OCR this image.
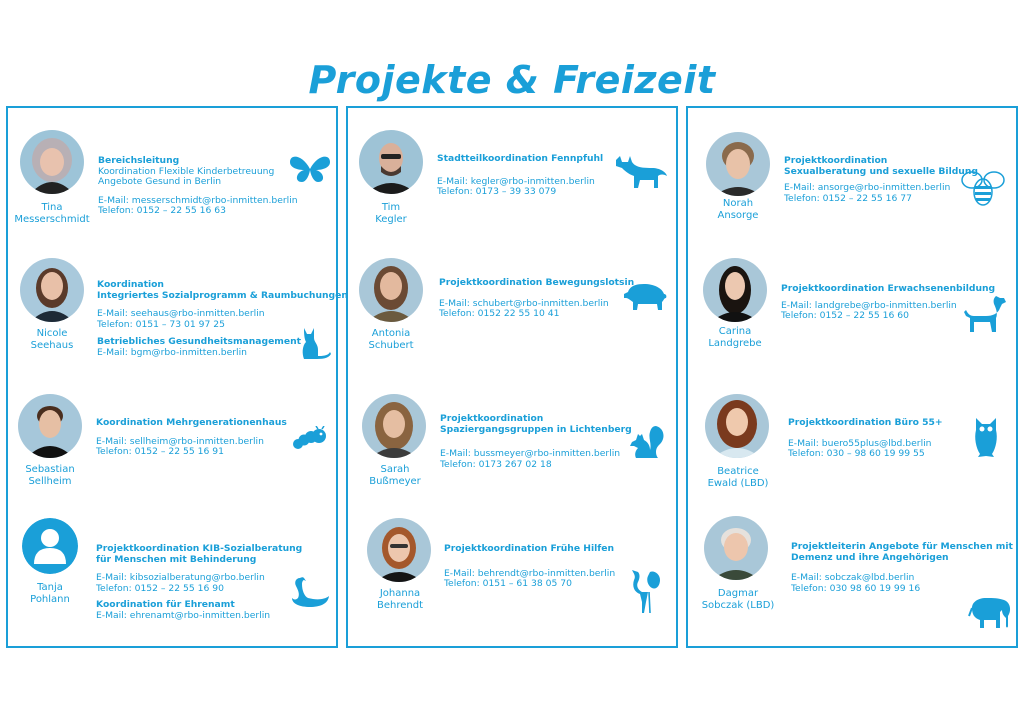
Projekte & Freizeit
Tina
Messerschmidt
Bereichsleitung
Koordination Flexible Kinderbetreuung
Angebote Gesund in Berlin
E-Mail: messerschmidt@rbo-inmitten.berlin
Telefon: 0152 – 22 55 16 63
Nicole
Seehaus
Koordination
Integriertes Sozialprogramm & Raumbuchungen
E-Mail: seehaus@rbo-inmitten.berlin
Telefon: 0151 – 73 01 97 25
Betriebliches Gesundheitsmanagement
E-Mail: bgm@rbo-inmitten.berlin
Sebastian
Sellheim
Koordination Mehrgenerationenhaus
E-Mail: sellheim@rbo-inmitten.berlin
Telefon: 0152 – 22 55 16 91
Tanja
Pohlann
Projektkoordination KIB-Sozialberatung
für Menschen mit Behinderung
E-Mail: kibsozialberatung@rbo.berlin
Telefon: 0152 – 22 55 16 90
Koordination für Ehrenamt
E-Mail: ehrenamt@rbo-inmitten.berlin
Tim
Kegler
Stadtteilkoordination Fennpfuhl
E-Mail: kegler@rbo-inmitten.berlin
Telefon: 0173 – 39 33 079
Antonia
Schubert
Projektkoordination Bewegungslotsin
E-Mail: schubert@rbo-inmitten.berlin
Telefon: 0152 22 55 10 41
Sarah
Bußmeyer
Projektkoordination
Spaziergangsgruppen in Lichtenberg
E-Mail: bussmeyer@rbo-inmitten.berlin
Telefon: 0173 267 02 18
Johanna
Behrendt
Projektkoordination Frühe Hilfen
E-Mail: behrendt@rbo-inmitten.berlin
Telefon: 0151 – 61 38 05 70
Norah
Ansorge
Projektkoordination
Sexualberatung und sexuelle Bildung
E-Mail: ansorge@rbo-inmitten.berlin
Telefon: 0152 – 22 55 16 77
Carina
Landgrebe
Projektkoordination Erwachsenenbildung
E-Mail: landgrebe@rbo-inmitten.berlin
Telefon: 0152 – 22 55 16 60
Beatrice
Ewald (LBD)
Projektkoordination Büro 55+
E-Mail: buero55plus@lbd.berlin
Telefon: 030 – 98 60 19 99 55
Dagmar
Sobczak (LBD)
Projektleiterin Angebote für Menschen mit
Demenz und ihre Angehörigen
E-Mail: sobczak@lbd.berlin
Telefon: 030 98 60 19 99 16
